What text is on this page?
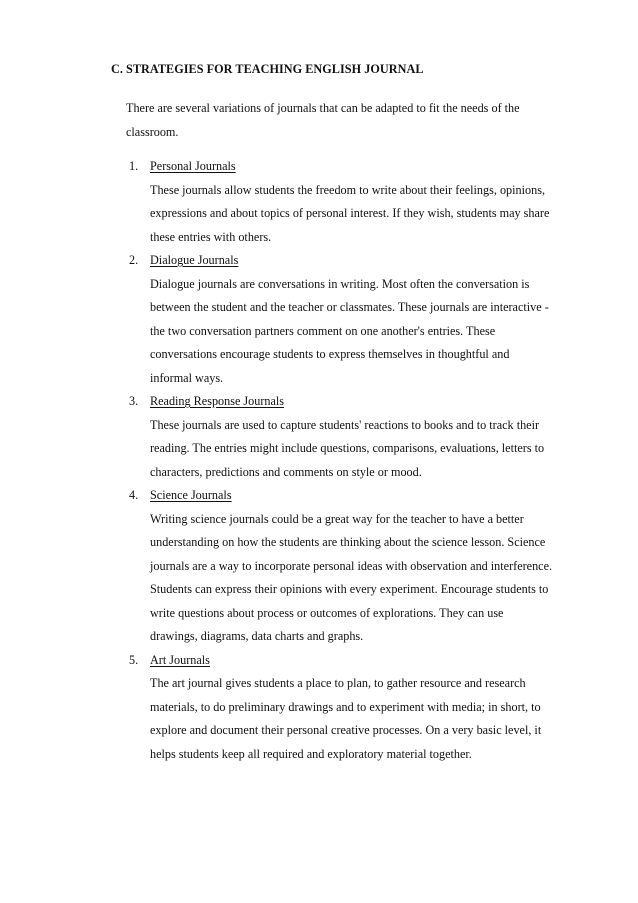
C. STRATEGIES FOR TEACHING ENGLISH JOURNAL

There are several variations of journals that can be adapted to fit the needs of the
classroom.

1. Personal Journals
These journals allow students the freedom to write about their feelings, opinions,
expressions and about topics of personal interest. If they wish, students may share
these entries with others.
2. Dialogue Journals
Dialogue journals are conversations in writing. Most often the conversation is
between the student and the teacher or classmates. These journals are interactive -
the two conversation partners comment on one another's entries. These
conversations encourage students to express themselves in thoughtful and
informal ways.
3. Reading Response Journals
These journals are used to capture students' reactions to books and to track their
reading. The entries might include questions, comparisons, evaluations, letters to
characters, predictions and comments on style or mood.
4. Science Journals
Writing science journals could be a great way for the teacher to have a better
understanding on how the students are thinking about the science lesson. Science
journals are a way to incorporate personal ideas with observation and interference.
Students can express their opinions with every experiment. Encourage students to
write questions about process or outcomes of explorations. They can use
drawings, diagrams, data charts and graphs.
5. Art Journals
The art journal gives students a place to plan, to gather resource and research
materials, to do preliminary drawings and to experiment with media; in short, to
explore and document their personal creative processes. On a very basic level, it
helps students keep all required and exploratory material together.
